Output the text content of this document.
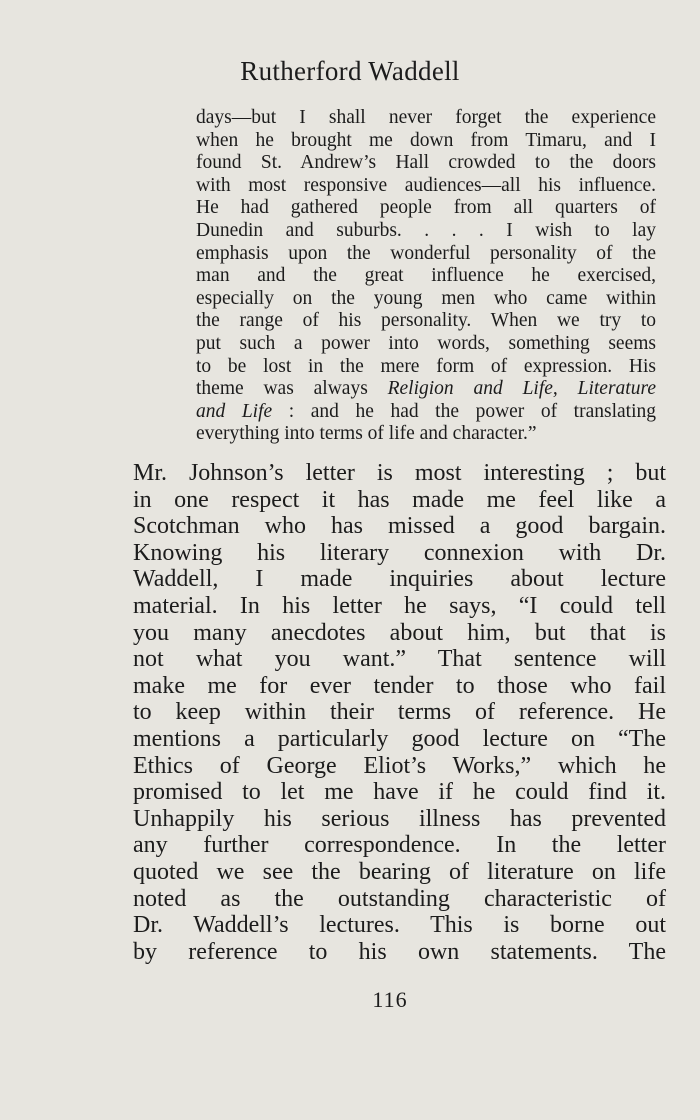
Rutherford Waddell
days—but I shall never forget the experience
when he brought me down from Timaru, and I
found St. Andrew’s Hall crowded to the doors
with most responsive audiences—all his influence.
He had gathered people from all quarters of
Dunedin and suburbs. . . . I wish to lay
emphasis upon the wonderful personality of the
man and the great influence he exercised,
especially on the young men who came within
the range of his personality. When we try to
put such a power into words, something seems
to be lost in the mere form of expression. His
theme was always Religion and Life, Literature
and Life : and he had the power of translating
everything into terms of life and character.”
Mr. Johnson’s letter is most interesting ; but
in one respect it has made me feel like a
Scotchman who has missed a good bargain.
Knowing his literary connexion with Dr.
Waddell, I made inquiries about lecture
material. In his letter he says, “I could tell
you many anecdotes about him, but that is
not what you want.” That sentence will
make me for ever tender to those who fail
to keep within their terms of reference. He
mentions a particularly good lecture on “The
Ethics of George Eliot’s Works,” which he
promised to let me have if he could find it.
Unhappily his serious illness has prevented
any further correspondence. In the letter
quoted we see the bearing of literature on life
noted as the outstanding characteristic of
Dr. Waddell’s lectures. This is borne out
by reference to his own statements. The
116
